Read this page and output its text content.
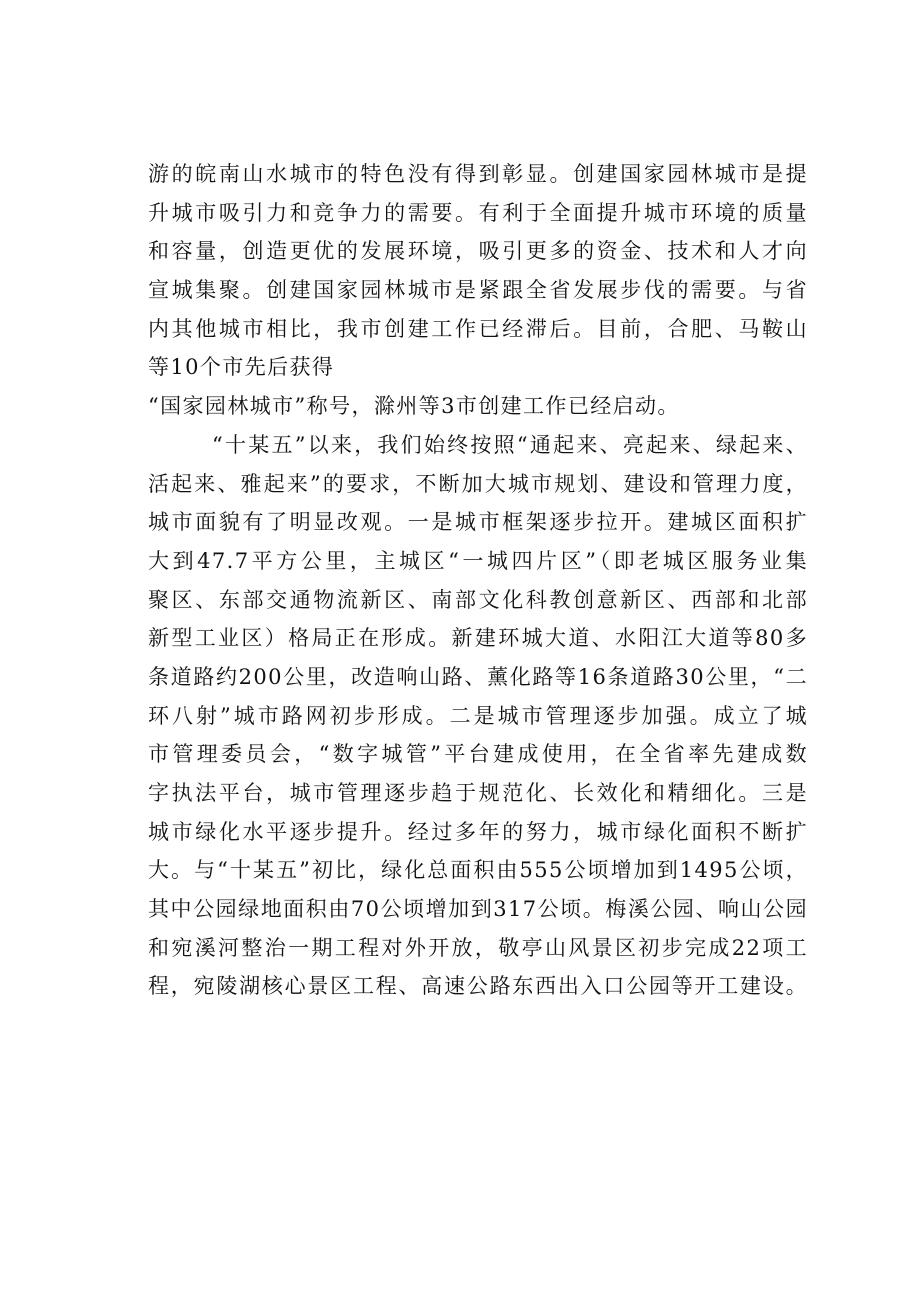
游的皖南山水城市的特色没有得到彰显。创建国家园林城市是提
升城市吸引力和竞争力的需要。有利于全面提升城市环境的质量
和容量，创造更优的发展环境，吸引更多的资金、技术和人才向
宣城集聚。创建国家园林城市是紧跟全省发展步伐的需要。与省
内其他城市相比，我市创建工作已经滞后。目前，合肥、马鞍山
等10个市先后获得
“国家园林城市”称号，滁州等3市创建工作已经启动。
“十某五”以来，我们始终按照“通起来、亮起来、绿起来、
活起来、雅起来”的要求，不断加大城市规划、建设和管理力度，
城市面貌有了明显改观。一是城市框架逐步拉开。建城区面积扩
大到47.7平方公里，主城区“一城四片区”（即老城区服务业集
聚区、东部交通物流新区、南部文化科教创意新区、西部和北部
新型工业区）格局正在形成。新建环城大道、水阳江大道等80多
条道路约200公里，改造响山路、薰化路等16条道路30公里，“二
环八射”城市路网初步形成。二是城市管理逐步加强。成立了城
市管理委员会，“数字城管”平台建成使用，在全省率先建成数
字执法平台，城市管理逐步趋于规范化、长效化和精细化。三是
城市绿化水平逐步提升。经过多年的努力，城市绿化面积不断扩
大。与“十某五”初比，绿化总面积由555公顷增加到1495公顷，
其中公园绿地面积由70公顷增加到317公顷。梅溪公园、响山公园
和宛溪河整治一期工程对外开放，敬亭山风景区初步完成22项工
程，宛陵湖核心景区工程、高速公路东西出入口公园等开工建设。
